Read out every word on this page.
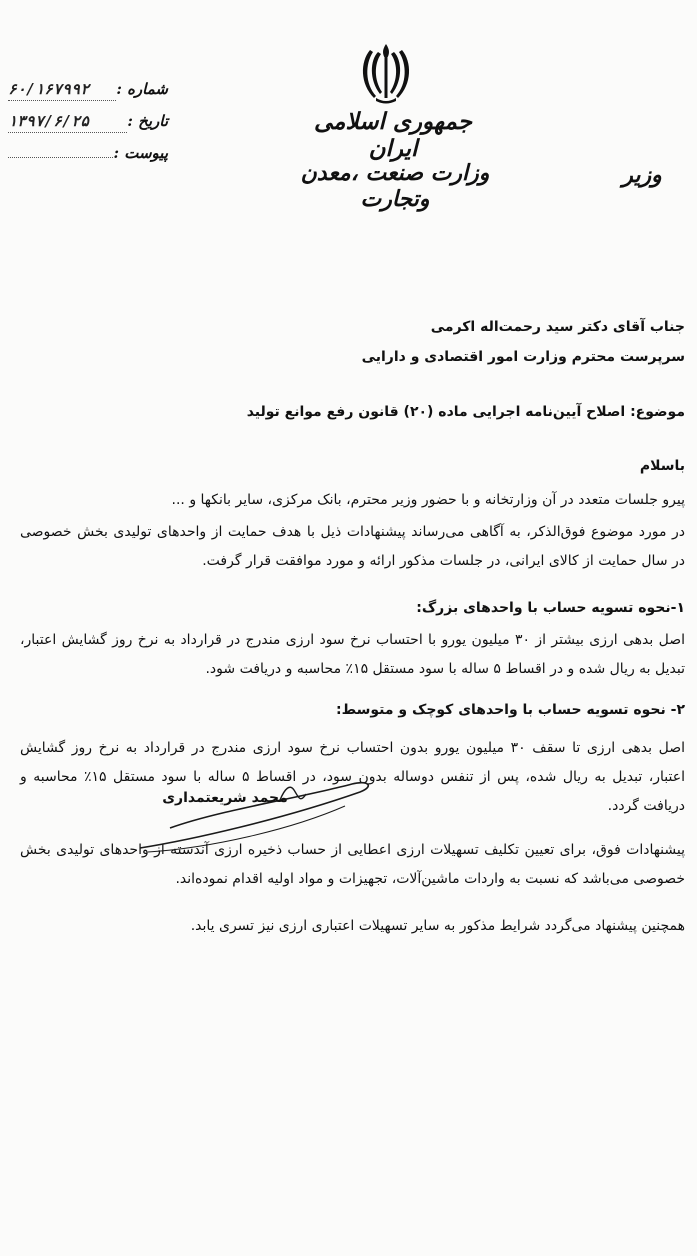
جمهوری اسلامی ایران
وزارت صنعت ،معدن وتجارت
وزیر
شماره :
۶۰/۱۶۷۹۹۲
تاریخ :
۱۳۹۷/۶/۲۵
پیوست :
جناب آقای دکتر سید رحمت‌اله اکرمی
سرپرست محترم وزارت امور اقتصادی و دارایی
موضوع: اصلاح آیین‌نامه اجرایی ماده (۲۰) قانون رفع موانع تولید
باسلام
پیرو جلسات متعدد در آن وزارتخانه و با حضور وزیر محترم، بانک مرکزی، سایر بانکها و ...
در مورد موضوع فوق‌الذکر، به آگاهی می‌رساند پیشنهادات ذیل با هدف حمایت از واحدهای تولیدی بخش خصوصی در سال حمایت از کالای ایرانی، در جلسات مذکور ارائه و مورد موافقت قرار گرفت.
۱-نحوه تسویه حساب با واحدهای بزرگ:
اصل بدهی ارزی بیشتر از ۳۰ میلیون یورو با احتساب نرخ سود ارزی مندرج در قرارداد به نرخ روز گشایش اعتبار، تبدیل به ریال شده و در اقساط ۵ ساله با سود مستقل ۱۵٪ محاسبه و دریافت شود.
۲- نحوه تسویه حساب با واحدهای کوچک و متوسط:
اصل بدهی ارزی تا سقف ۳۰ میلیون یورو بدون احتساب نرخ سود ارزی مندرج در قرارداد به نرخ روز گشایش اعتبار، تبدیل به ریال شده، پس از تنفس دوساله بدون سود، در اقساط ۵ ساله با سود مستقل ۱۵٪ محاسبه و دریافت گردد.
پیشنهادات فوق، برای تعیین تکلیف تسهیلات ارزی اعطایی از حساب ذخیره ارزی آندسته از واحدهای تولیدی بخش خصوصی می‌باشد که نسبت به واردات ماشین‌آلات، تجهیزات و مواد اولیه اقدام نموده‌اند.
همچنین پیشنهاد می‌گردد شرایط مذکور به سایر تسهیلات اعتباری ارزی نیز تسری یابد.
محمد شریعتمداری
